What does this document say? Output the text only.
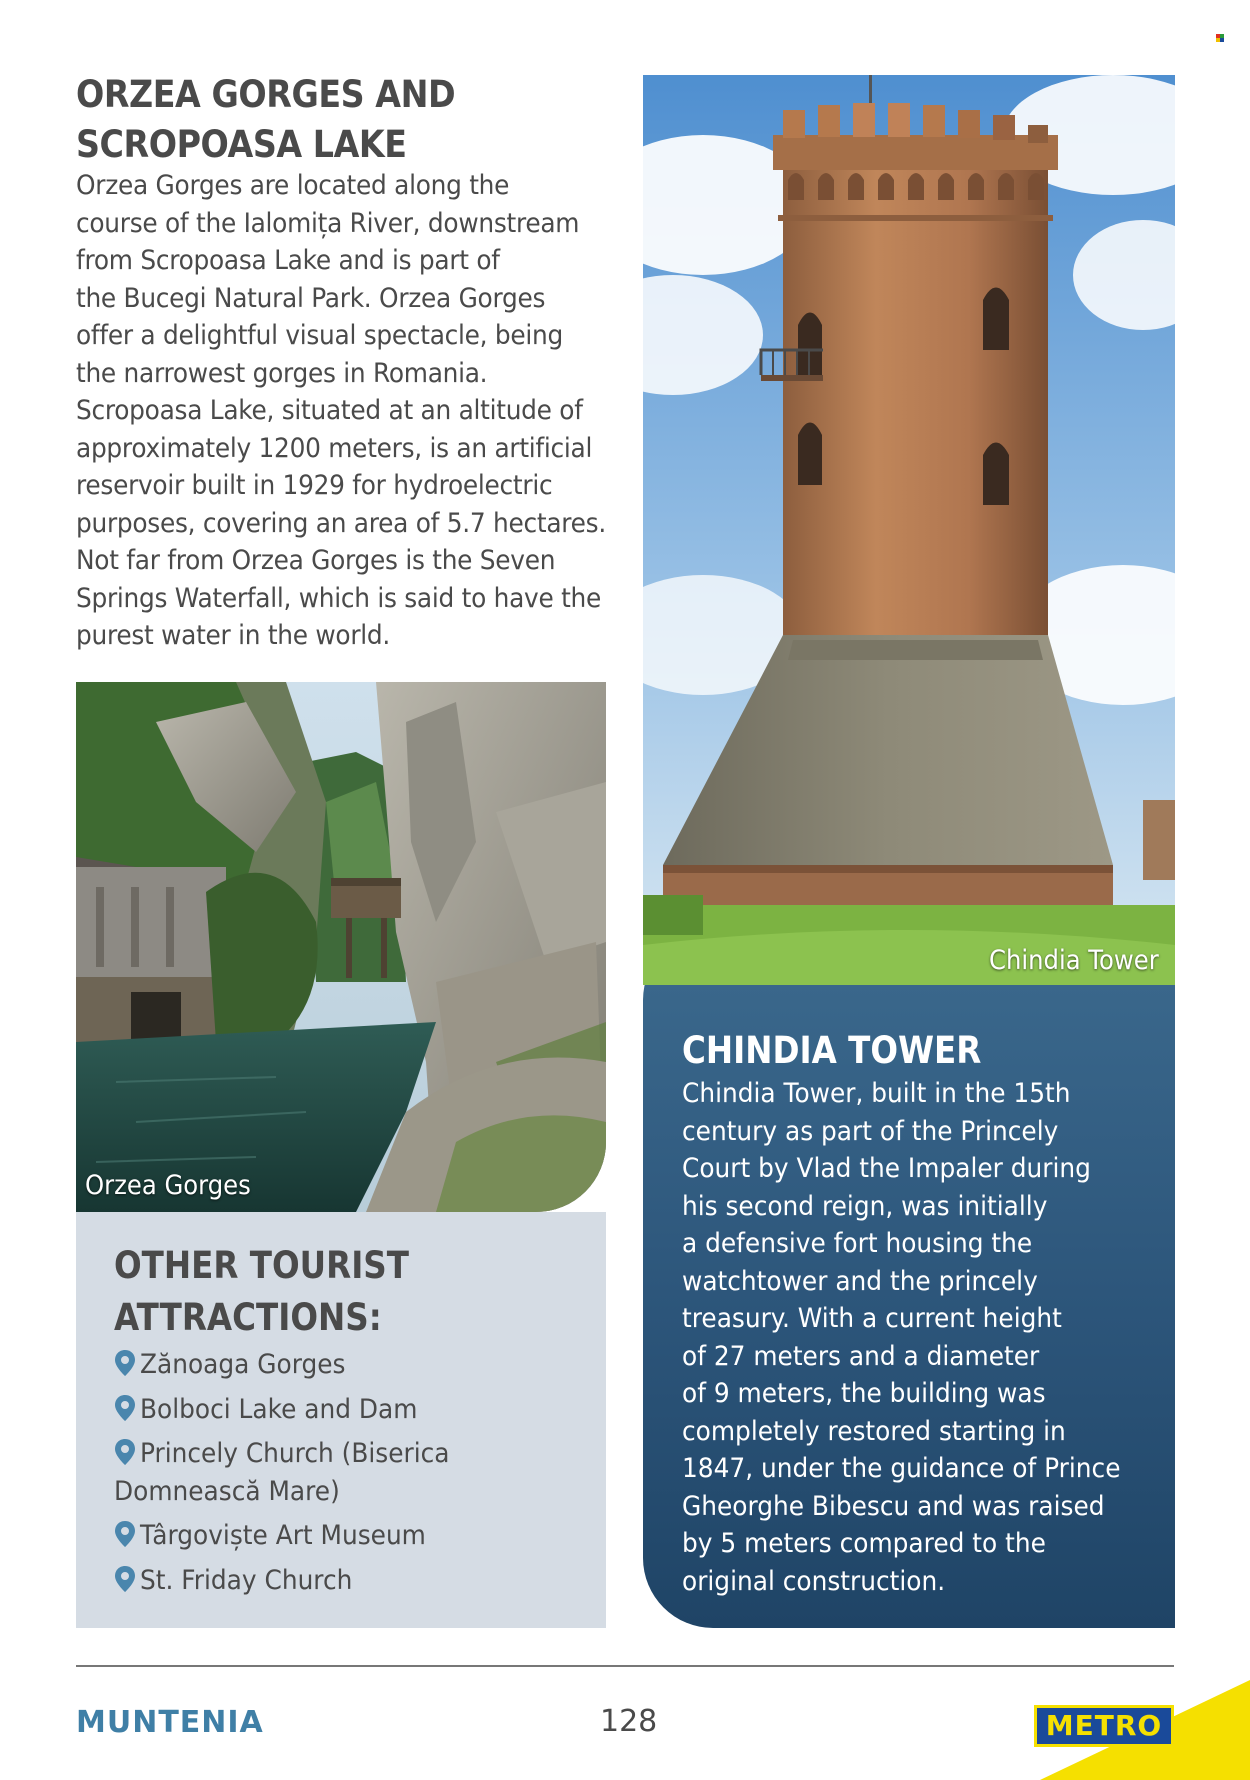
ORZEA GORGES AND
SCROPOASA LAKE

Orzea Gorges are located along the
course of the Ialomița River, downstream
from Scropoasa Lake and is part of
the Bucegi Natural Park. Orzea Gorges
offer a delightful visual spectacle, being
the narrowest gorges in Romania.
Scropoasa Lake, situated at an altitude of
approximately 1200 meters, is an artificial
reservoir built in 1929 for hydroelectric
purposes, covering an area of 5.7 hectares.
Not far from Orzea Gorges is the Seven
Springs Waterfall, which is said to have the
purest water in the world.

Orzea Gorges
OTHER TOURIST
ATTRACTIONS:
Zănoaga Gorges
Bolboci Lake and Dam
Princely Church (Biserica
Domnească Mare)
Târgoviște Art Museum
St. Friday Church
CHINDIA TOWER

Chindia Tower, built in the 15th
century as part of the Princely
Court by Vlad the Impaler during
his second reign, was initially
a defensive fort housing the
watchtower and the princely
treasury. With a current height
of 27 meters and a diameter
of 9 meters, the building was
completely restored starting in
1847, under the guidance of Prince
Gheorghe Bibescu and was raised
by 5 meters compared to the
original construction.

Chindia Tower
MUNTENIA	128	METRO
